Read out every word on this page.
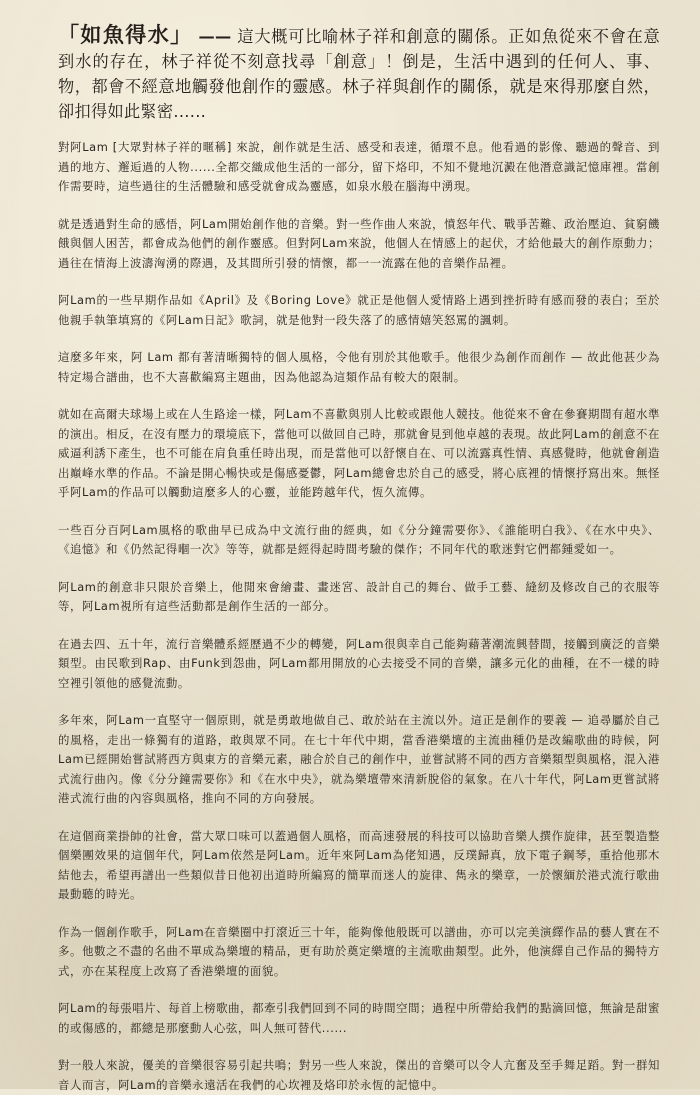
「如魚得水」 —— 這大概可比喻林子祥和創意的關係。正如魚從來不會在意到水的存在，林子祥從不刻意找尋「創意」！倒是，生活中遇到的任何人、事、物，都會不經意地觸發他創作的靈感。林子祥與創作的關係，就是來得那麼自然，卻扣得如此緊密......

對阿Lam [大眾對林子祥的暱稱] 來說，創作就是生活、感受和表達，循環不息。他看過的影像、聽過的聲音、到過的地方、邂逅過的人物......全都交織成他生活的一部分，留下烙印，不知不覺地沉澱在他潛意識記憶庫裡。當創作需要時，這些過往的生活體驗和感受就會成為靈感，如泉水般在腦海中湧現。

就是透過對生命的感悟，阿Lam開始創作他的音樂。對一些作曲人來說，憤怒年代、戰爭苦難、政治壓迫、貧窮饑餓與個人困苦，都會成為他們的創作靈感。但對阿Lam來說，他個人在情感上的起伏，才給他最大的創作原動力；過往在情海上波濤洶湧的際遇，及其間所引發的情懷，都一一流露在他的音樂作品裡。

阿Lam的一些早期作品如《April》及《Boring Love》就正是他個人愛情路上遇到挫折時有感而發的表白；至於他親手執筆填寫的《阿Lam日記》歌詞，就是他對一段失落了的感情嬉笑怒罵的諷刺。

這麼多年來，阿 Lam 都有著清晰獨特的個人風格，令他有別於其他歌手。他很少為創作而創作 — 故此他甚少為特定場合譜曲，也不大喜歡編寫主題曲，因為他認為這類作品有較大的限制。

就如在高爾夫球場上或在人生路途一樣，阿Lam不喜歡與別人比較或跟他人競技。他從來不會在參賽期間有超水準的演出。相反，在沒有壓力的環境底下，當他可以做回自己時，那就會見到他卓越的表現。故此阿Lam的創意不在威逼利誘下產生，也不可能在肩負重任時出現，而是當他可以舒懷自在、可以流露真性情、真感覺時，他就會創造出巔峰水準的作品。不論是開心暢快或是傷感憂鬱，阿Lam總會忠於自己的感受，將心底裡的情懷抒寫出來。無怪乎阿Lam的作品可以觸動這麼多人的心靈，並能跨越年代，恆久流傳。

一些百分百阿Lam風格的歌曲早已成為中文流行曲的經典，如《分分鐘需要你》、《誰能明白我》、《在水中央》、《追憶》和《仍然記得嗰一次》等等，就都是經得起時間考驗的傑作；不同年代的歌迷對它們都鍾愛如一。

阿Lam的創意非只限於音樂上，他閒來會繪畫、畫迷宮、設計自己的舞台、做手工藝、縫紉及修改自己的衣服等等，阿Lam視所有這些活動都是創作生活的一部分。

在過去四、五十年，流行音樂體系經歷過不少的轉變，阿Lam很與幸自己能夠藉著潮流興替間，接觸到廣泛的音樂類型。由民歌到Rap、由Funk到怨曲，阿Lam都用開放的心去接受不同的音樂，讓多元化的曲種，在不一樣的時空裡引領他的感覺流動。

多年來，阿Lam一直堅守一個原則，就是勇敢地做自己、敢於站在主流以外。這正是創作的要義 — 追尋屬於自己的風格，走出一條獨有的道路，敢與眾不同。在七十年代中期，當香港樂壇的主流曲種仍是改編歌曲的時候，阿Lam已經開始嘗試將西方與東方的音樂元素，融合於自己的創作中，並嘗試將不同的西方音樂類型與風格，混入港式流行曲內。像《分分鐘需要你》和《在水中央》，就為樂壇帶來清新脫俗的氣象。在八十年代，阿Lam更嘗試將港式流行曲的內容與風格，推向不同的方向發展。

在這個商業掛帥的社會，當大眾口味可以蓋過個人風格，而高速發展的科技可以協助音樂人撰作旋律，甚至製造整個樂團效果的這個年代，阿Lam依然是阿Lam。近年來阿Lam為佬知遇，反璞歸真，放下電子鋼琴，重拾他那木結他去，希望再譜出一些類似昔日他初出道時所編寫的簡單而迷人的旋律、雋永的樂章，一於懷緬於港式流行歌曲最動聽的時光。

作為一個創作歌手，阿Lam在音樂圈中打滾近三十年，能夠像他般既可以譜曲，亦可以完美演繹作品的藝人實在不多。他數之不盡的名曲不單成為樂壇的精品，更有助於奠定樂壇的主流歌曲類型。此外，他演繹自己作品的獨特方式，亦在某程度上改寫了香港樂壇的面貌。

阿Lam的每張唱片、每首上榜歌曲，都牽引我們回到不同的時間空間；過程中所帶給我們的點滴回憶，無論是甜蜜的或傷感的，都總是那麼動人心弦，叫人無可替代......

對一般人來說，優美的音樂很容易引起共鳴；對另一些人來說，傑出的音樂可以令人亢奮及至手舞足蹈。對一群知音人而言，阿Lam的音樂永遠活在我們的心坎裡及烙印於永恆的記憶中。
